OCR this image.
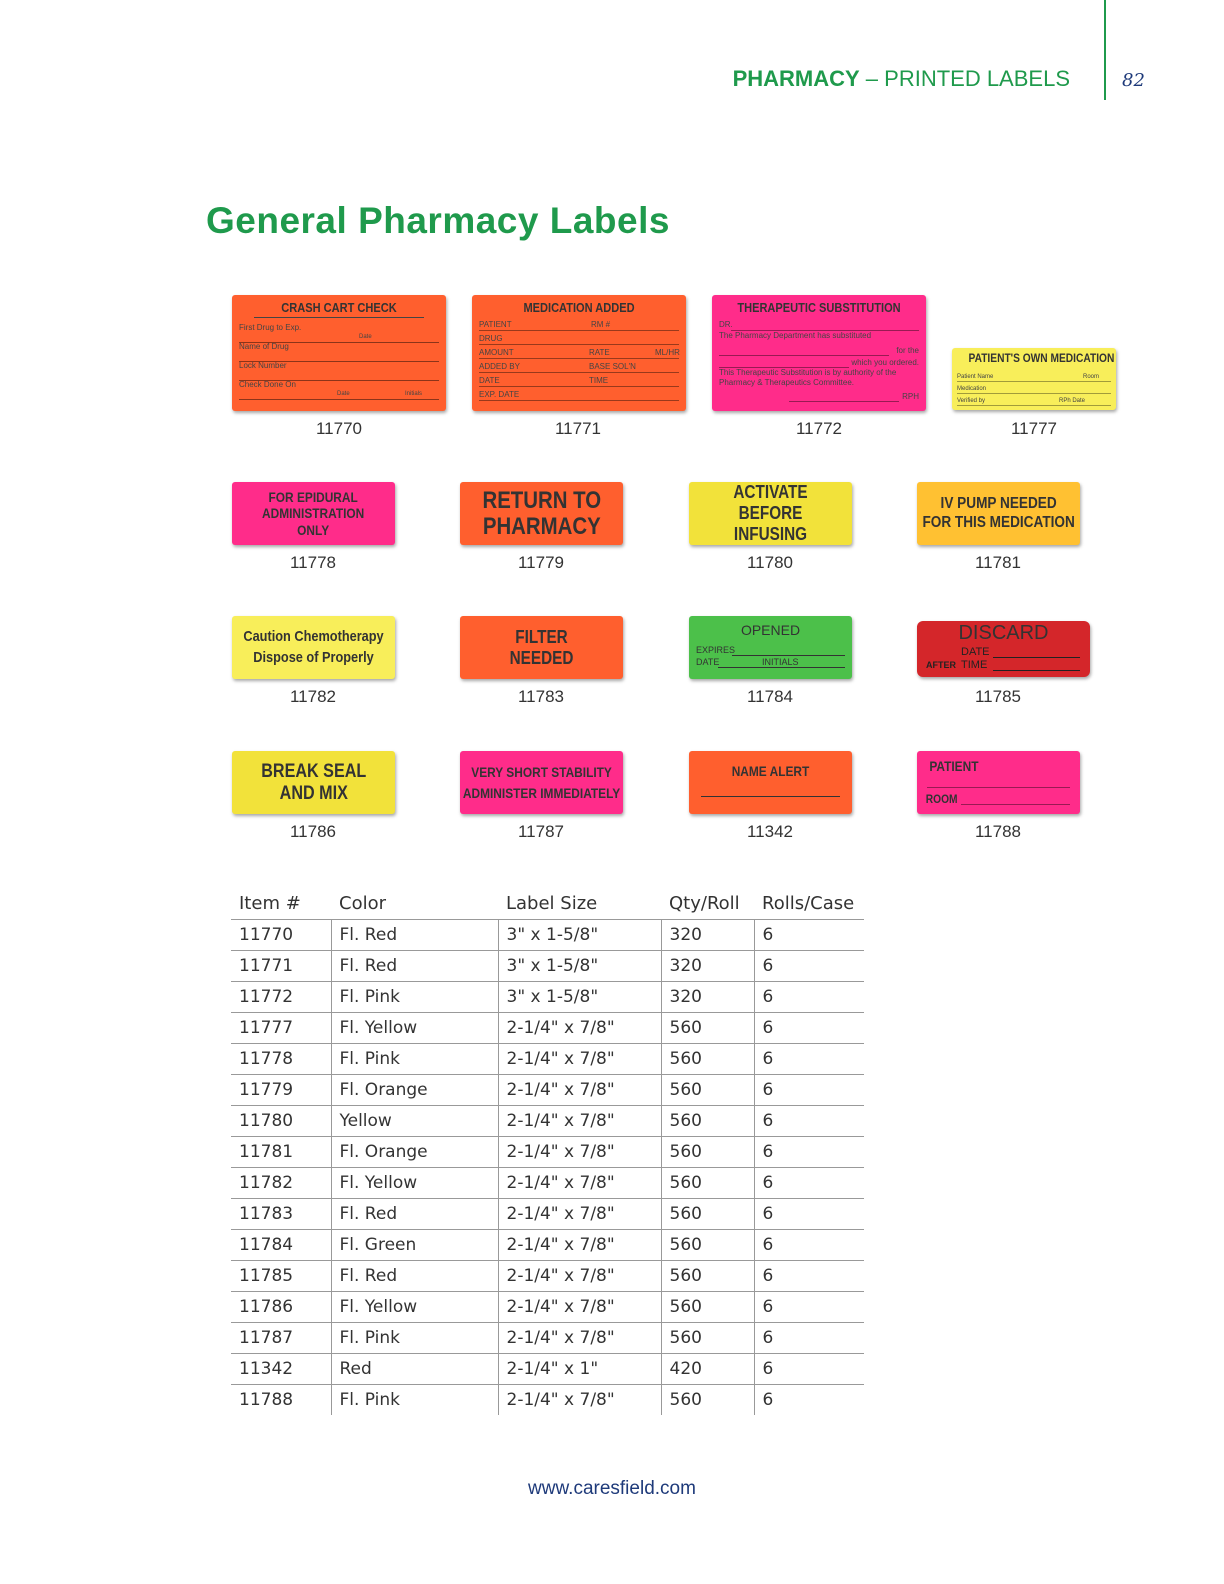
PHARMACY – PRINTED LABELS	82
General Pharmacy Labels
CRASH CART CHECK
First Drug to Exp.
Date
Name of Drug
Lock Number
Check Done On
Date	Initials
11770
MEDICATION ADDED
PATIENT	RM #
DRUG
AMOUNT	RATE	ML/HR
ADDED BY	BASE SOL'N
DATE	TIME
EXP. DATE
11771
THERAPEUTIC SUBSTITUTION
DR.
The Pharmacy Department has substituted
for the
which you ordered.
This Therapeutic Substitution is by authority of the
Pharmacy & Therapeutics Committee.
RPH
11772
PATIENT'S OWN MEDICATION
Patient Name	Room
Medication
Verified by	RPh Date
11777
FOR EPIDURAL
ADMINISTRATION
ONLY
11778
RETURN TO
PHARMACY
11779
ACTIVATE
BEFORE INFUSING
11780
IV PUMP NEEDED
FOR THIS MEDICATION
11781
Caution Chemotherapy
Dispose of Properly
11782
FILTER
NEEDED
11783
OPENED
EXPIRES
DATE	INITIALS
11784
DISCARD
DATE
AFTER TIME
11785
BREAK SEAL
AND MIX
11786
VERY SHORT STABILITY
ADMINISTER IMMEDIATELY
11787
NAME ALERT
11342
PATIENT
ROOM
11788
Item #	Color	Label Size	Qty/Roll	Rolls/Case
11770	Fl. Red	3" x 1-5/8"	320	6
11771	Fl. Red	3" x 1-5/8"	320	6
11772	Fl. Pink	3" x 1-5/8"	320	6
11777	Fl. Yellow	2-1/4" x 7/8"	560	6
11778	Fl. Pink	2-1/4" x 7/8"	560	6
11779	Fl. Orange	2-1/4" x 7/8"	560	6
11780	Yellow	2-1/4" x 7/8"	560	6
11781	Fl. Orange	2-1/4" x 7/8"	560	6
11782	Fl. Yellow	2-1/4" x 7/8"	560	6
11783	Fl. Red	2-1/4" x 7/8"	560	6
11784	Fl. Green	2-1/4" x 7/8"	560	6
11785	Fl. Red	2-1/4" x 7/8"	560	6
11786	Fl. Yellow	2-1/4" x 7/8"	560	6
11787	Fl. Pink	2-1/4" x 7/8"	560	6
11342	Red	2-1/4" x 1"	420	6
11788	Fl. Pink	2-1/4" x 7/8"	560	6
www.caresfield.com
